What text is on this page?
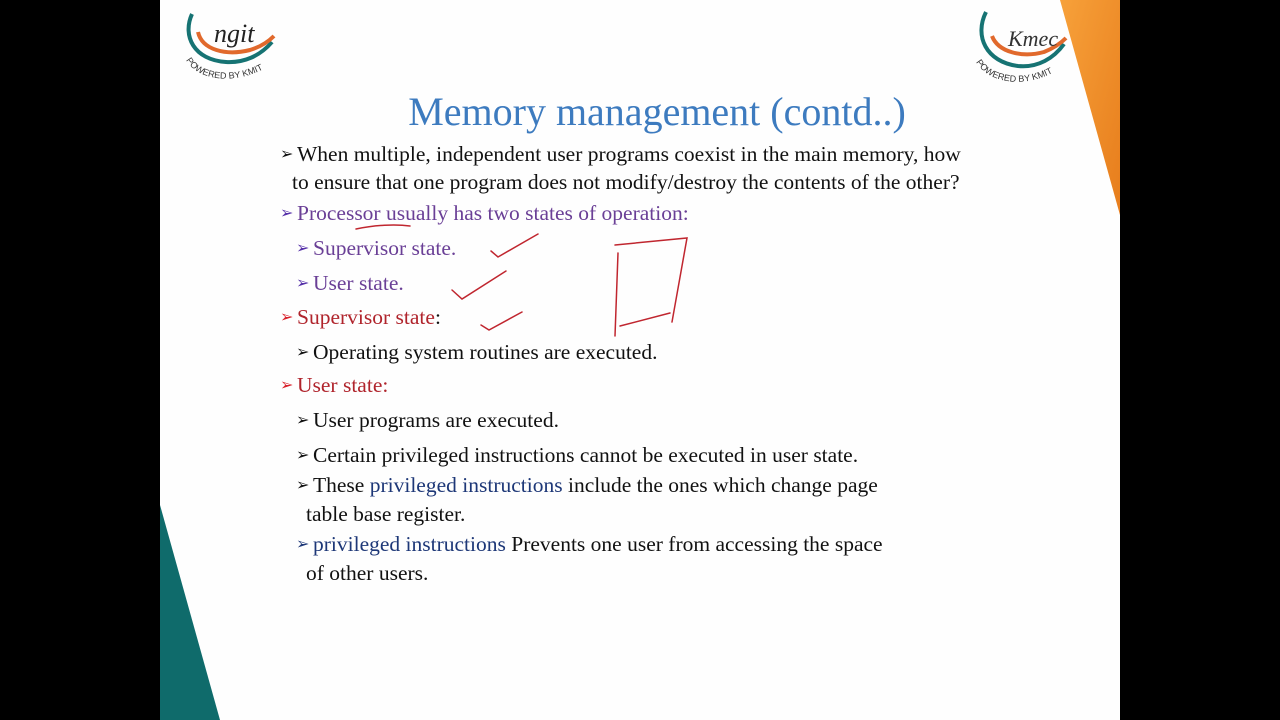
ngit
POWERED BY KMIT
Kmec
POWERED BY KMIT
Memory management (contd..)
➢ When multiple, independent user programs coexist in the main memory, how
to ensure that one program does not modify/destroy the contents of the other?
➢ Processor usually has two states of operation:
➢ Supervisor state.
➢ User state.
➢ Supervisor state:
➢ Operating system routines are executed.
➢ User state:
➢ User programs are executed.
➢ Certain privileged instructions cannot be executed in user state.
➢ These privileged instructions include the ones which change page
table base register.
➢ privileged instructions Prevents one user from accessing the space
of other users.
